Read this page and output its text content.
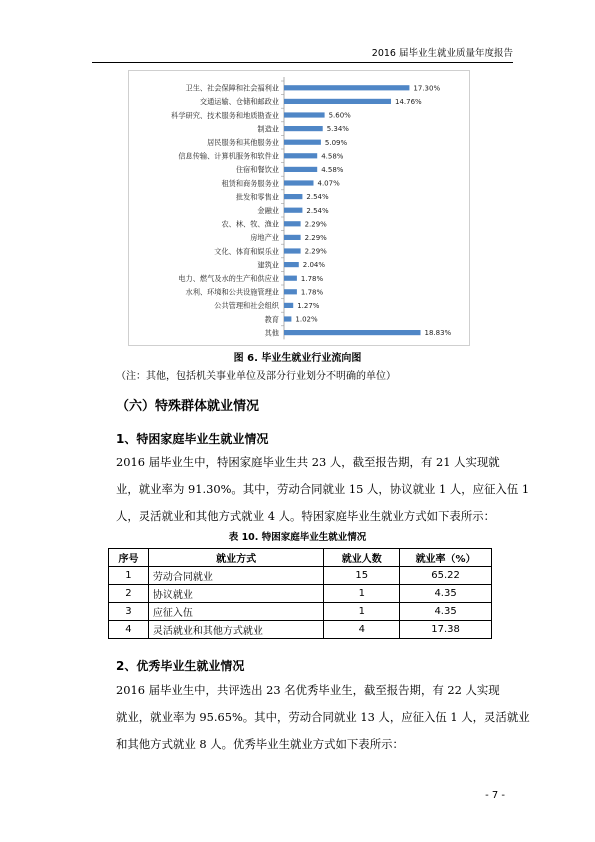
2016 届毕业生就业质量年度报告
卫生、社会保障和社会福利业	17.30%
交通运输、仓储和邮政业	14.76%
科学研究、技术服务和地质勘查业	5.60%
制造业	5.34%
居民服务和其他服务业	5.09%
信息传输、计算机服务和软件业	4.58%
住宿和餐饮业	4.58%
租赁和商务服务业	4.07%
批发和零售业	2.54%
金融业	2.54%
农、林、牧、渔业	2.29%
房地产业	2.29%
文化、体育和娱乐业	2.29%
建筑业	2.04%
电力、燃气及水的生产和供应业	1.78%
水利、环境和公共设施管理业	1.78%
公共管理和社会组织	1.27%
教育 1.02%
其他	18.83%
图 6. 毕业生就业行业流向图
（注：其他，包括机关事业单位及部分行业划分不明确的单位）
（六）特殊群体就业情况
1、特困家庭毕业生就业情况
2016 届毕业生中，特困家庭毕业生共 23 人，截至报告期，有 21 人实现就
业，就业率为 91.30%。其中，劳动合同就业 15 人，协议就业 1 人，应征入伍 1
人，灵活就业和其他方式就业 4 人。特困家庭毕业生就业方式如下表所示：
表 10. 特困家庭毕业生就业情况
序号	就业方式	就业人数	就业率（%）
1	劳动合同就业	15	65.22
2	协议就业	1	4.35
3	应征入伍	1	4.35
4	灵活就业和其他方式就业	4	17.38
2、优秀毕业生就业情况
2016 届毕业生中，共评选出 23 名优秀毕业生，截至报告期，有 22 人实现
就业，就业率为 95.65%。其中，劳动合同就业 13 人，应征入伍 1 人，灵活就业
和其他方式就业 8 人。优秀毕业生就业方式如下表所示：
- 7 -
